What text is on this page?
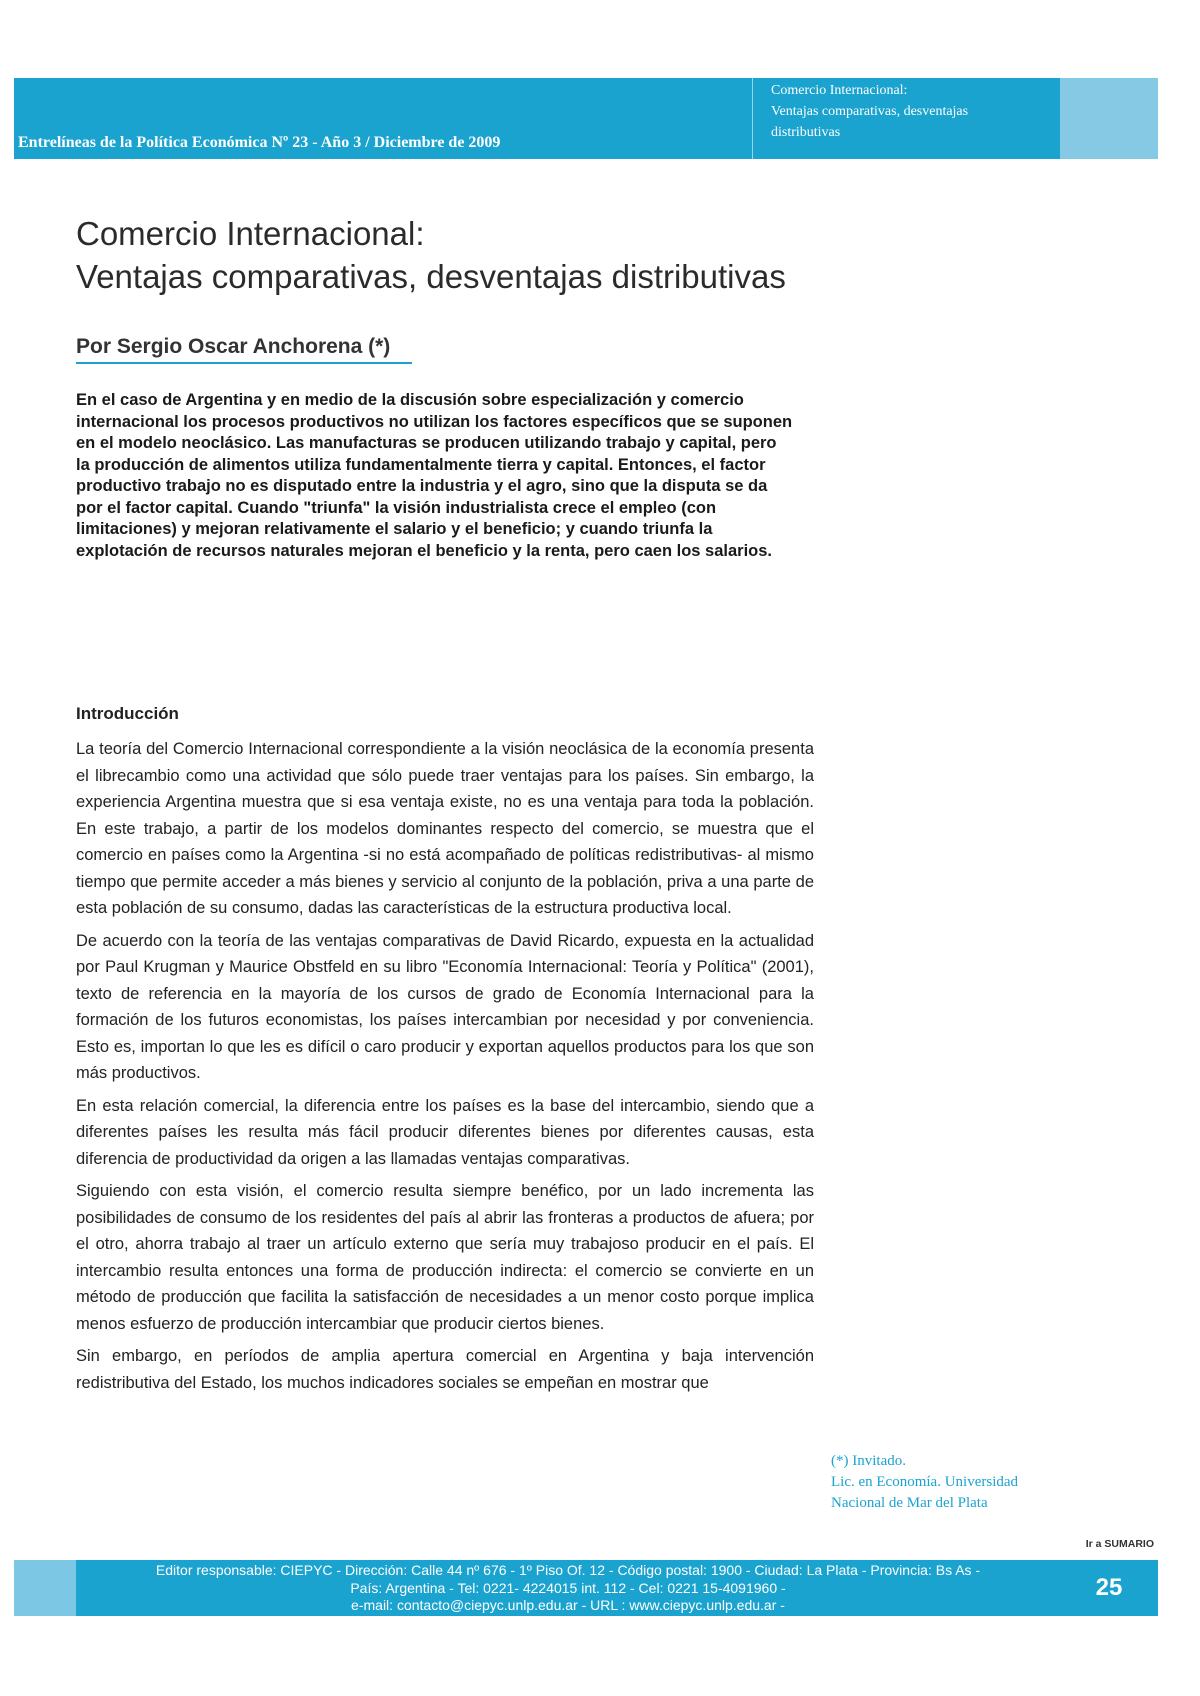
Entrelíneas de la Política Económica Nº 23 - Año 3 / Diciembre de 2009
Comercio Internacional:
Ventajas comparativas, desventajas
distributivas
Comercio Internacional:
Ventajas comparativas, desventajas distributivas
Por Sergio Oscar Anchorena (*)
En el caso de Argentina y en medio de la discusión sobre especialización y comercio internacional los procesos productivos no utilizan los factores específicos que se suponen en el modelo neoclásico. Las manufacturas se producen utilizando trabajo y capital, pero la producción de alimentos utiliza fundamentalmente tierra y capital. Entonces, el factor productivo trabajo no es disputado entre la industria y el agro, sino que la disputa se da por el factor capital. Cuando "triunfa" la visión industrialista crece el empleo (con limitaciones) y mejoran relativamente el salario y el beneficio; y cuando triunfa la explotación de recursos naturales mejoran el beneficio y la renta, pero caen los salarios.
Introducción

La teoría del Comercio Internacional correspondiente a la visión neoclásica de la economía presenta el librecambio como una actividad que sólo puede traer ventajas para los países. Sin embargo, la experiencia Argentina muestra que si esa ventaja existe, no es una ventaja para toda la población. En este trabajo, a partir de los modelos dominantes respecto del comercio, se muestra que el comercio en países como la Argentina -si no está acompañado de políticas redistributivas- al mismo tiempo que permite acceder a más bienes y servicio al conjunto de la población, priva a una parte de esta población de su consumo, dadas las características de la estructura productiva local.

De acuerdo con la teoría de las ventajas comparativas de David Ricardo, expuesta en la actualidad por Paul Krugman y Maurice Obstfeld en su libro "Economía Internacional: Teoría y Política" (2001), texto de referencia en la mayoría de los cursos de grado de Economía Internacional para la formación de los futuros economistas, los países intercambian por necesidad y por conveniencia. Esto es, importan lo que les es difícil o caro producir y exportan aquellos productos para los que son más productivos.

En esta relación comercial, la diferencia entre los países es la base del intercambio, siendo que a diferentes países les resulta más fácil producir diferentes bienes por diferentes causas, esta diferencia de productividad da origen a las llamadas ventajas comparativas.

Siguiendo con esta visión, el comercio resulta siempre benéfico, por un lado incrementa las posibilidades de consumo de los residentes del país al abrir las fronteras a productos de afuera; por el otro, ahorra trabajo al traer un artículo externo que sería muy trabajoso producir en el país. El intercambio resulta entonces una forma de producción indirecta: el comercio se convierte en un método de producción que facilita la satisfacción de necesidades a un menor costo porque implica menos esfuerzo de producción intercambiar que producir ciertos bienes.

Sin embargo, en períodos de amplia apertura comercial en Argentina y baja intervención redistributiva del Estado, los muchos indicadores sociales se empeñan en mostrar que

(*) Invitado.
Lic. en Economía. Universidad
Nacional de Mar del Plata
Editor responsable: CIEPYC - Dirección: Calle 44 nº 676 - 1º Piso Of. 12 - Código postal: 1900 - Ciudad: La Plata - Provincia: Bs As -
País: Argentina - Tel: 0221- 4224015 int. 112 - Cel: 0221 15-4091960 -
e-mail: contacto@ciepyc.unlp.edu.ar - URL : www.ciepyc.unlp.edu.ar -
Ir a SUMARIO
25
